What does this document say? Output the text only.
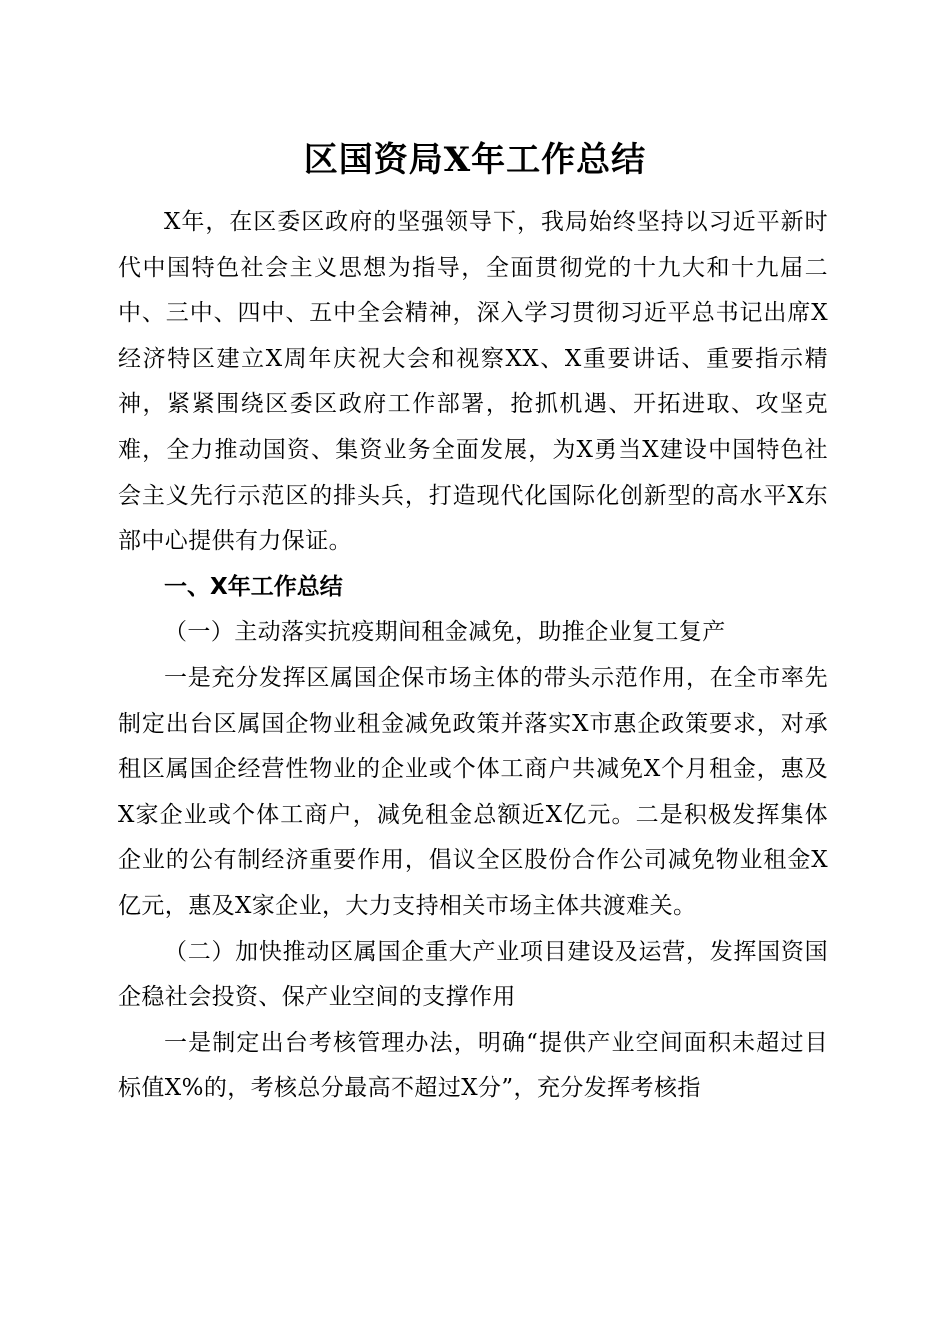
区国资局X年工作总结

X年，在区委区政府的坚强领导下，我局始终坚持以习近平新时代中国特色社会主义思想为指导，全面贯彻党的十九大和十九届二中、三中、四中、五中全会精神，深入学习贯彻习近平总书记出席X经济特区建立X周年庆祝大会和视察XX、X重要讲话、重要指示精神，紧紧围绕区委区政府工作部署，抢抓机遇、开拓进取、攻坚克难，全力推动国资、集资业务全面发展，为X勇当X建设中国特色社会主义先行示范区的排头兵，打造现代化国际化创新型的高水平X东部中心提供有力保证。

一、X年工作总结

（一）主动落实抗疫期间租金减免，助推企业复工复产

一是充分发挥区属国企保市场主体的带头示范作用，在全市率先制定出台区属国企物业租金减免政策并落实X市惠企政策要求，对承租区属国企经营性物业的企业或个体工商户共减免X个月租金，惠及X家企业或个体工商户，减免租金总额近X亿元。二是积极发挥集体企业的公有制经济重要作用，倡议全区股份合作公司减免物业租金X亿元，惠及X家企业，大力支持相关市场主体共渡难关。

（二）加快推动区属国企重大产业项目建设及运营，发挥国资国企稳社会投资、保产业空间的支撑作用

一是制定出台考核管理办法，明确“提供产业空间面积未超过目标值X%的，考核总分最高不超过X分”，充分发挥考核指
